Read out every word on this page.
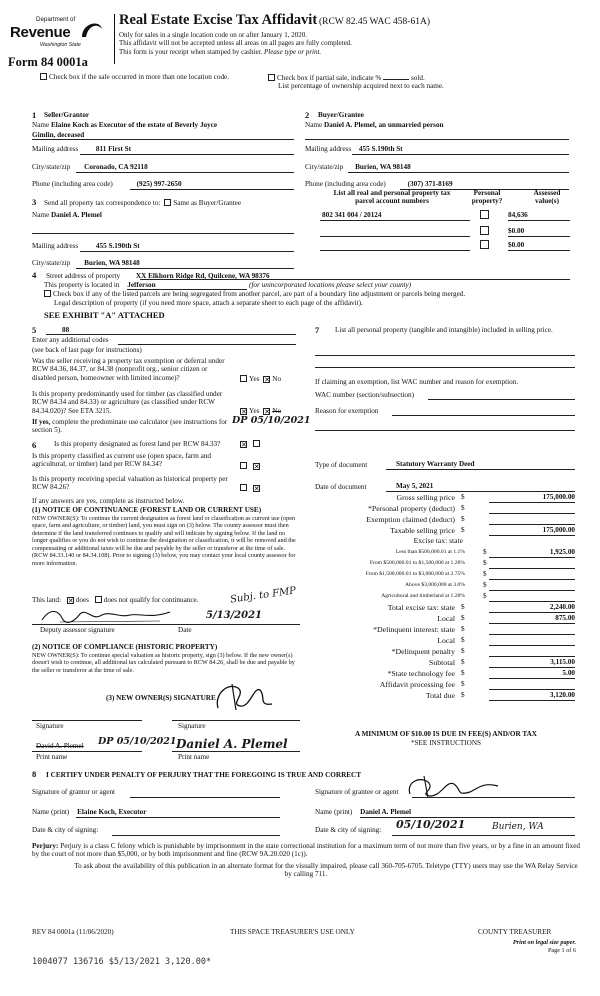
Department of
Revenue
Washington State
Form 84 0001a
Real Estate Excise Tax Affidavit (RCW 82.45 WAC 458-61A)
Only for sales in a single location code on or after January 1, 2020.
This affidavit will not be accepted unless all areas on all pages are fully completed.
This form is your receipt when stamped by cashier. Please type or print.
Check box if the sale occurred in more than one location code.	Check box if partial sale, indicate %	sold.
List percentage of ownership acquired next to each name.
1 Seller/Grantor
Name Elaine Koch as Executor of the estate of Beverly Joyce
Gimlin, deceased
Mailing address 811 First St
City/state/zip Coronado, CA 92118
Phone (including area code)	(925) 997-2650
2 Buyer/Grantee
Name Daniel A. Plemel, an unmarried person
Mailing address 455 S.190th St
City/state/zip Burien, WA 98148
Phone (including area code)	(307) 371-8169
3 Send all property tax correspondence to: Same as Buyer/Grantee
Name Daniel A. Plemel
Mailing address 455 S.190th St
City/state/zip Burien, WA 98148
List all real and personal property tax
parcel account numbers
Personal
property?
Assessed
value(s)
802 341 004 / 20124	84,636
$0.00
$0.00
4 Street address of property XX Elkhorn Ridge Rd, Quilcene, WA 98376
This property is located in Jefferson	(for unincorporated locations please select your county)
Check box if any of the listed parcels are being segregated from another parcel, are part of a boundary line adjustment or parcels being merged.
Legal description of property (if you need more space, attach a separate sheet to each page of the affidavit).
SEE EXHIBIT "A" ATTACHED
5	88
Enter any additional codes
(see back of last page for instructions)
Was the seller receiving a property tax exemption or deferral under RCW 84.36, 84.37, or 84.38 (nonprofit org., senior citizen or disabled person, homeowner with limited income)?	Yes ✕ No
Is this property predominantly used for timber (as classified under RCW 84.34 and 84.33) or agriculture (as classified under RCW 84.34.020)? See ETA 3215. ✕	Yes ✕ No
If yes, complete the predominate use calculator (see instructions for section 5).
DP 05/10/2021
6 Is this property designated as forest land per RCW 84.33?
✕
Is this property classified as current use (open space, farm and agricultural, or timber) land per RCW 84.34?
✕
Is this property receiving special valuation as historical property per RCW 84.26?
✕
If any answers are yes, complete as instructed below.
(1) NOTICE OF CONTINUANCE (FOREST LAND OR CURRENT USE)
NEW OWNER(S): To continue the current designation as forest land or classification as current use (open space, farm and agriculture, or timber) land, you must sign on (3) below. The county assessor must then determine if the land transferred continues to qualify and will indicate by signing below. If the land no longer qualifies or you do not wish to continue the designation or classification, it will be removed and the compensating or additional taxes will be due and payable by the seller or transferor at the time of sale. (RCW 84.33.140 or 84.34.108). Prior to signing (3) below, you may contact your local county assessor for more information.
This land: ✕ does does not qualify for continuance.	Subj. to FMP
5/13/2021
Deputy assessor signature	Date
(2) NOTICE OF COMPLIANCE (HISTORIC PROPERTY)
NEW OWNER(S): To continue special valuation as historic property, sign (3) below. If the new owner(s) doesn't wish to continue, all additional tax calculated pursuant to RCW 84.26, shall be due and payable by the seller or transferor at the time of sale.
(3) NEW OWNER(S) SIGNATURE
Signature	Signature
David A. Plemel DP 05/10/2021 Daniel A. Plemel
Print name	Print name
7	List all personal property (tangible and intangible) included in selling price.
If claiming an exemption, list WAC number and reason for exemption.
WAC number (section/subsection)
Reason for exemption
Type of document	Statutory Warranty Deed
Date of document	May 5, 2021
Gross selling price $	175,000.00
*Personal property (deduct) $
Exemption claimed (deduct) $
Taxable selling price $	175,000.00
Excise tax: state
Less than $500,000.01 at 1.1%	$	1,925.00
From $500,000.01 to $1,500,000 at 1.28%	$
From $1,500,000.01 to $3,000,000 at 2.75%	$
Above $3,000,000 at 3.0%	$
Agricultural and timberland at 1.28%	$
Total excise tax: state $	2,240.00
Local $	875.00
*Delinquent interest: state $
Local $
*Delinquent penalty $
Subtotal $	3,115.00
*State technology fee $	5.00
Affidavit processing fee $
Total due $	3,120.00
A MINIMUM OF $10.00 IS DUE IN FEE(S) AND/OR TAX
*SEE INSTRUCTIONS
8 I CERTIFY UNDER PENALTY OF PERJURY THAT THE FOREGOING IS TRUE AND CORRECT
Signature of grantor or agent	Signature of grantee or agent
Name (print) Elaine Koch, Executor	Name (print) Daniel A. Plemel
Date & city of signing:	Date & city of signing: 05/10/2021	Burien, WA
Perjury: Perjury is a class C felony which is punishable by imprisonment in the state correctional institution for a maximum term of not more than five years, or by a fine in an amount fixed by the court of not more than $5,000, or by both imprisonment and fine (RCW 9A.20.020 (1c)).
To ask about the availability of this publication in an alternate format for the visually impaired, please call 360-705-6705. Teletype (TTY) users may use the WA Relay Service by calling 711.
REV 84 0001a (11/06/2020)	THIS SPACE TREASURER'S USE ONLY	COUNTY TREASURER
Print on legal size paper.
Page 1 of 6
1004077 136716 $5/13/2021 3,120.00*
